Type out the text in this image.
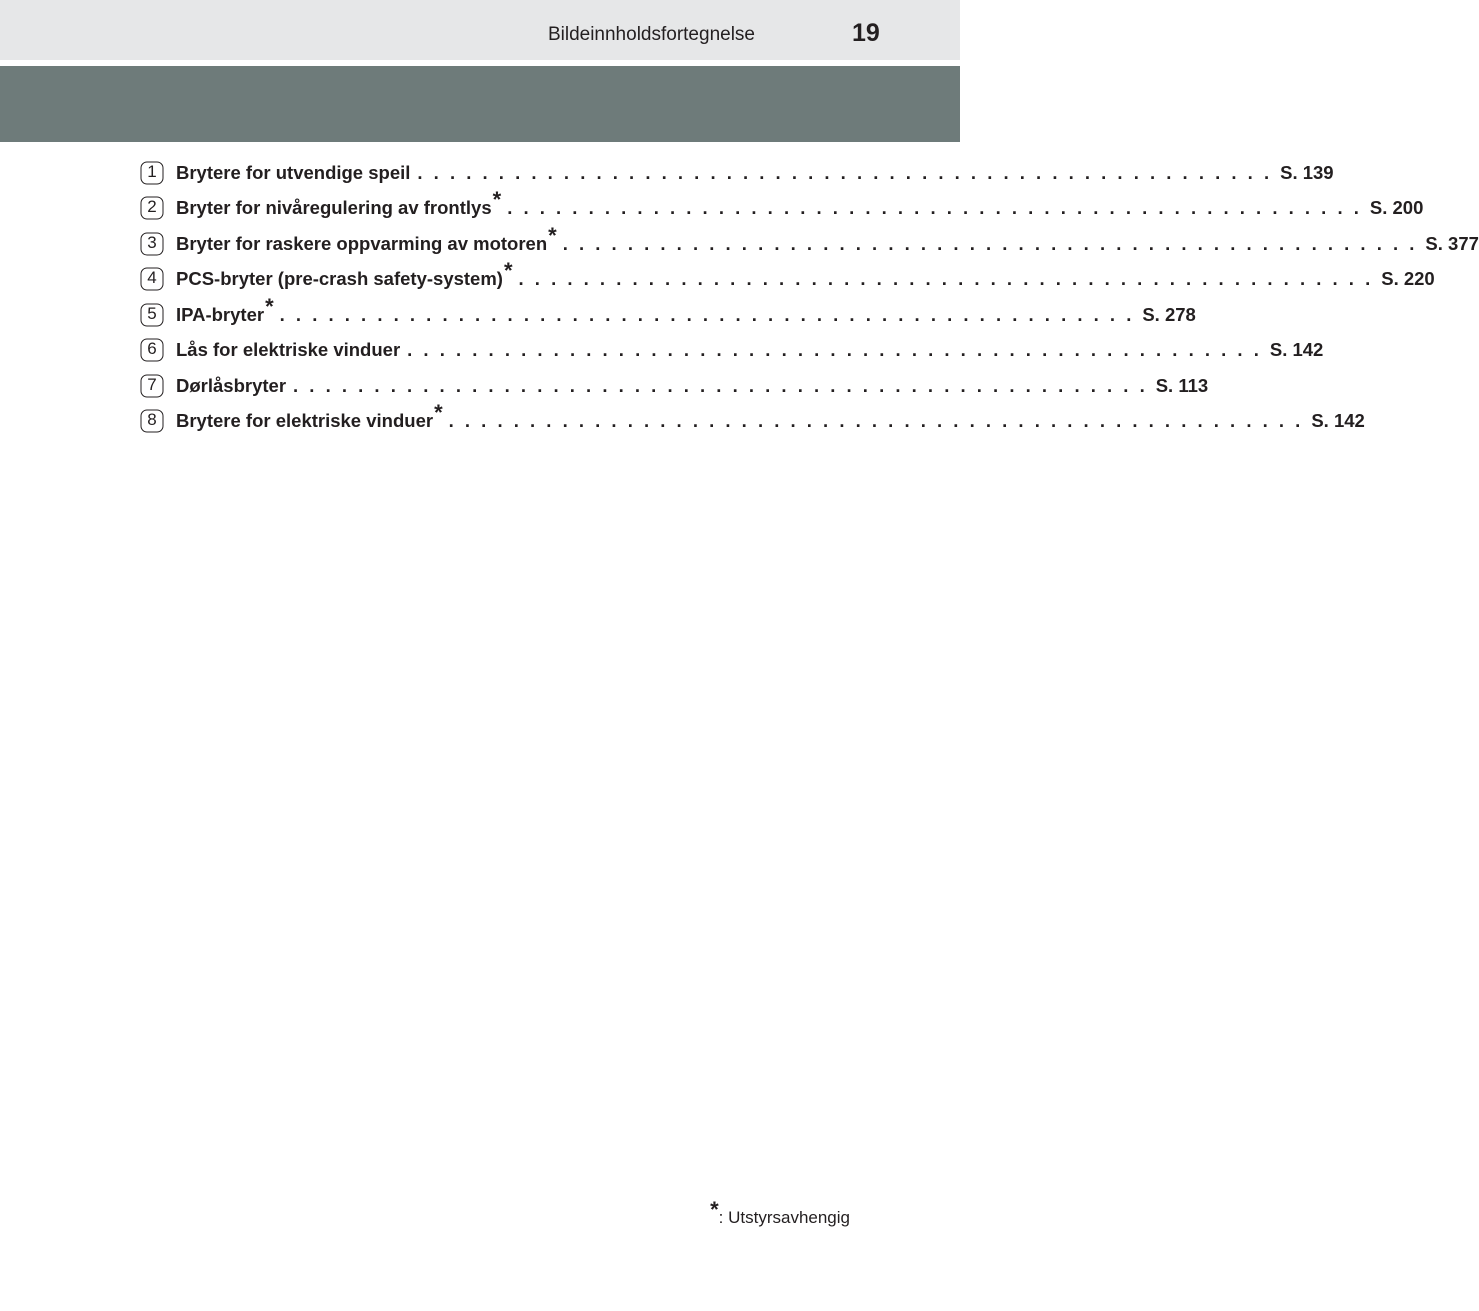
Bildeinnholdsfortegnelse	19
1	Brytere for utvendige speil . . . . . . . . . . . . . . . . . . . . . . . . . . . . . . . . . . . . . . . . . . . . . . . . . . . . . S. 139
2	Bryter for nivåregulering av frontlys* . . . . . . . . . . . . . . . . . . . . . . . . . . . . . . . . . . . . . . . . . . . . . . . . . . . . . S. 200
3	Bryter for raskere oppvarming av motoren* . . . . . . . . . . . . . . . . . . . . . . . . . . . . . . . . . . . . . . . . . . . . . . . . . . . . . S. 377
4	PCS-bryter (pre-crash safety-system)* . . . . . . . . . . . . . . . . . . . . . . . . . . . . . . . . . . . . . . . . . . . . . . . . . . . . . S. 220
5	IPA-bryter* . . . . . . . . . . . . . . . . . . . . . . . . . . . . . . . . . . . . . . . . . . . . . . . . . . . . . S. 278
6	Lås for elektriske vinduer . . . . . . . . . . . . . . . . . . . . . . . . . . . . . . . . . . . . . . . . . . . . . . . . . . . . . S. 142
7	Dørlåsbryter . . . . . . . . . . . . . . . . . . . . . . . . . . . . . . . . . . . . . . . . . . . . . . . . . . . . . S. 113
8	Brytere for elektriske vinduer* . . . . . . . . . . . . . . . . . . . . . . . . . . . . . . . . . . . . . . . . . . . . . . . . . . . . . S. 142
*: Utstyrsavhengig
